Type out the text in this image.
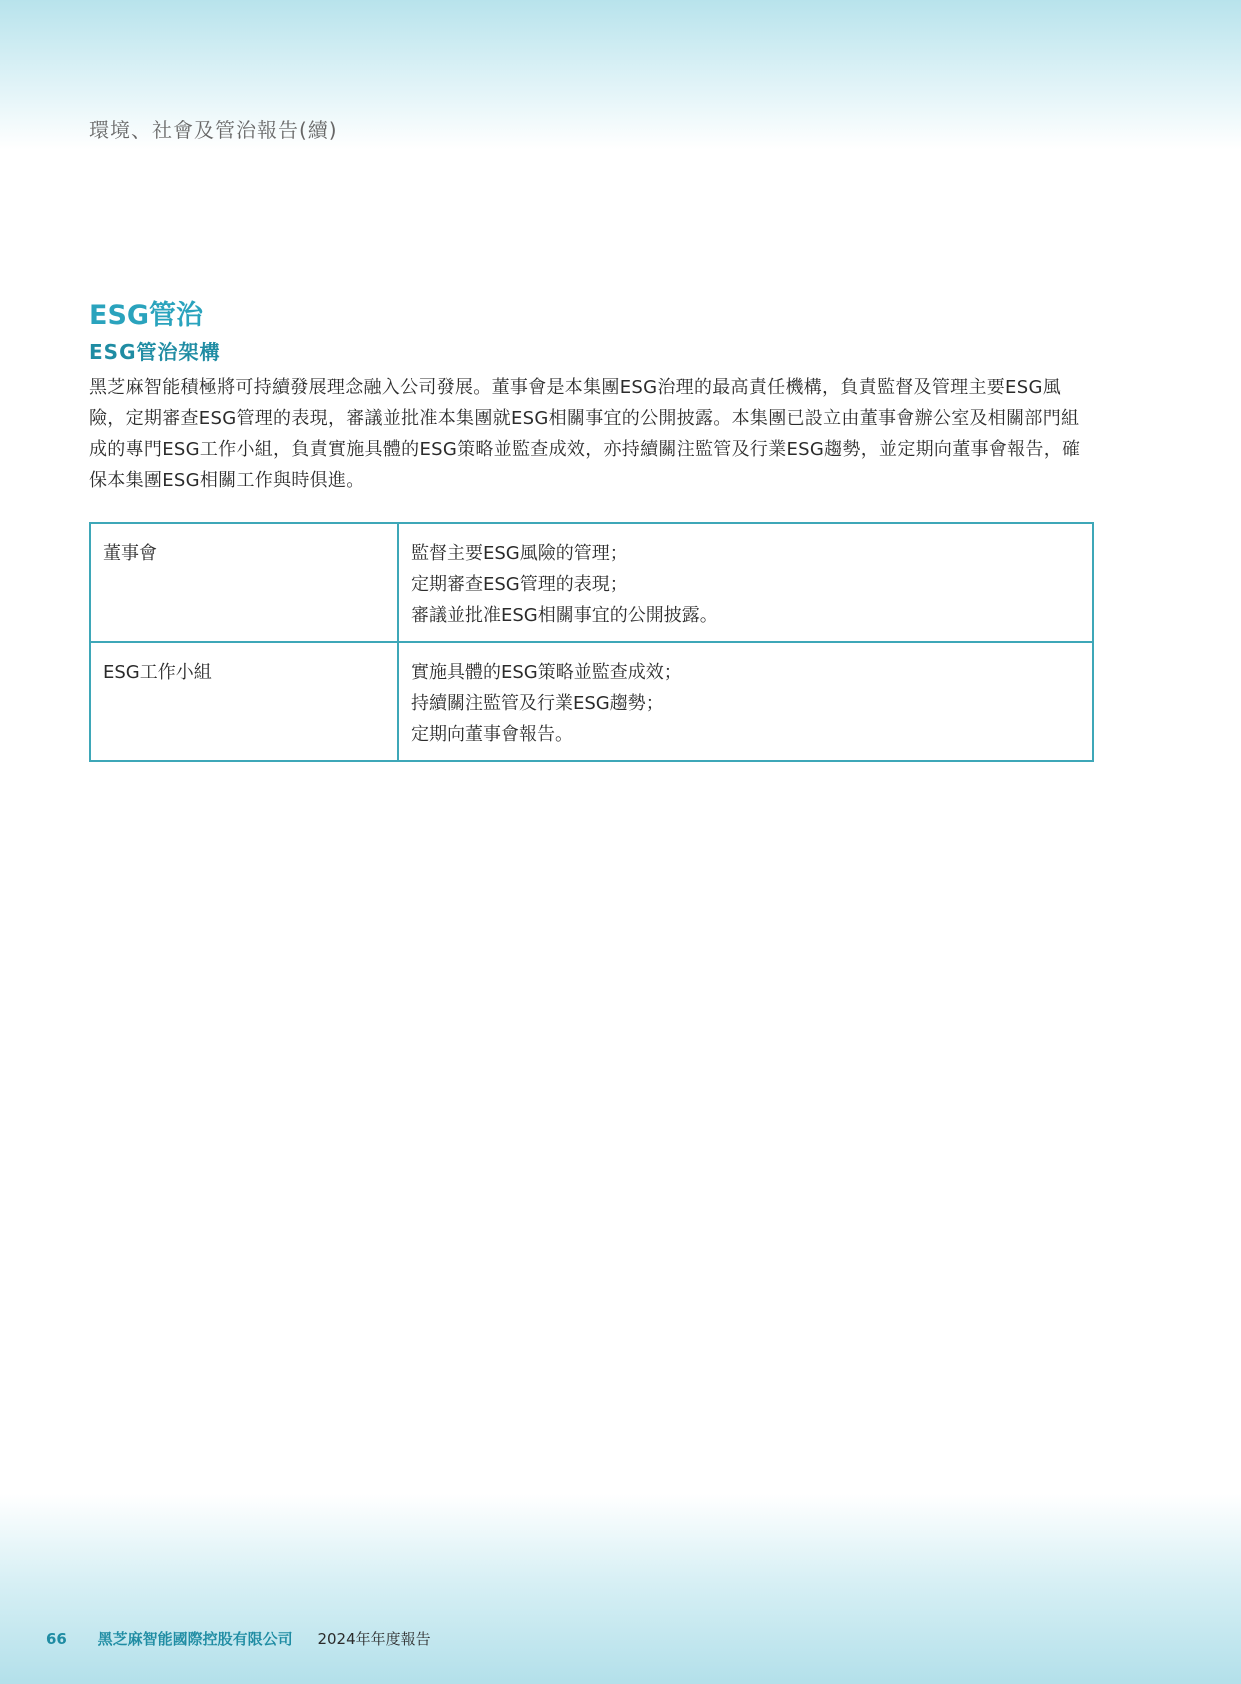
環境、社會及管治報告(續)
ESG管治
ESG管治架構

黑芝麻智能積極將可持續發展理念融入公司發展。董事會是本集團ESG治理的最高責任機構，負責監督及管理主要ESG風險，定期審查ESG管理的表現，審議並批准本集團就ESG相關事宜的公開披露。本集團已設立由董事會辦公室及相關部門組成的專門ESG工作小組，負責實施具體的ESG策略並監查成效，亦持續關注監管及行業ESG趨勢，並定期向董事會報告，確保本集團ESG相關工作與時俱進。

董事會	監督主要ESG風險的管理；
定期審查ESG管理的表現；
審議並批准ESG相關事宜的公開披露。

ESG工作小組	實施具體的ESG策略並監查成效；
持續關注監管及行業ESG趨勢；
定期向董事會報告。
66 黑芝麻智能國際控股有限公司 2024年年度報告
